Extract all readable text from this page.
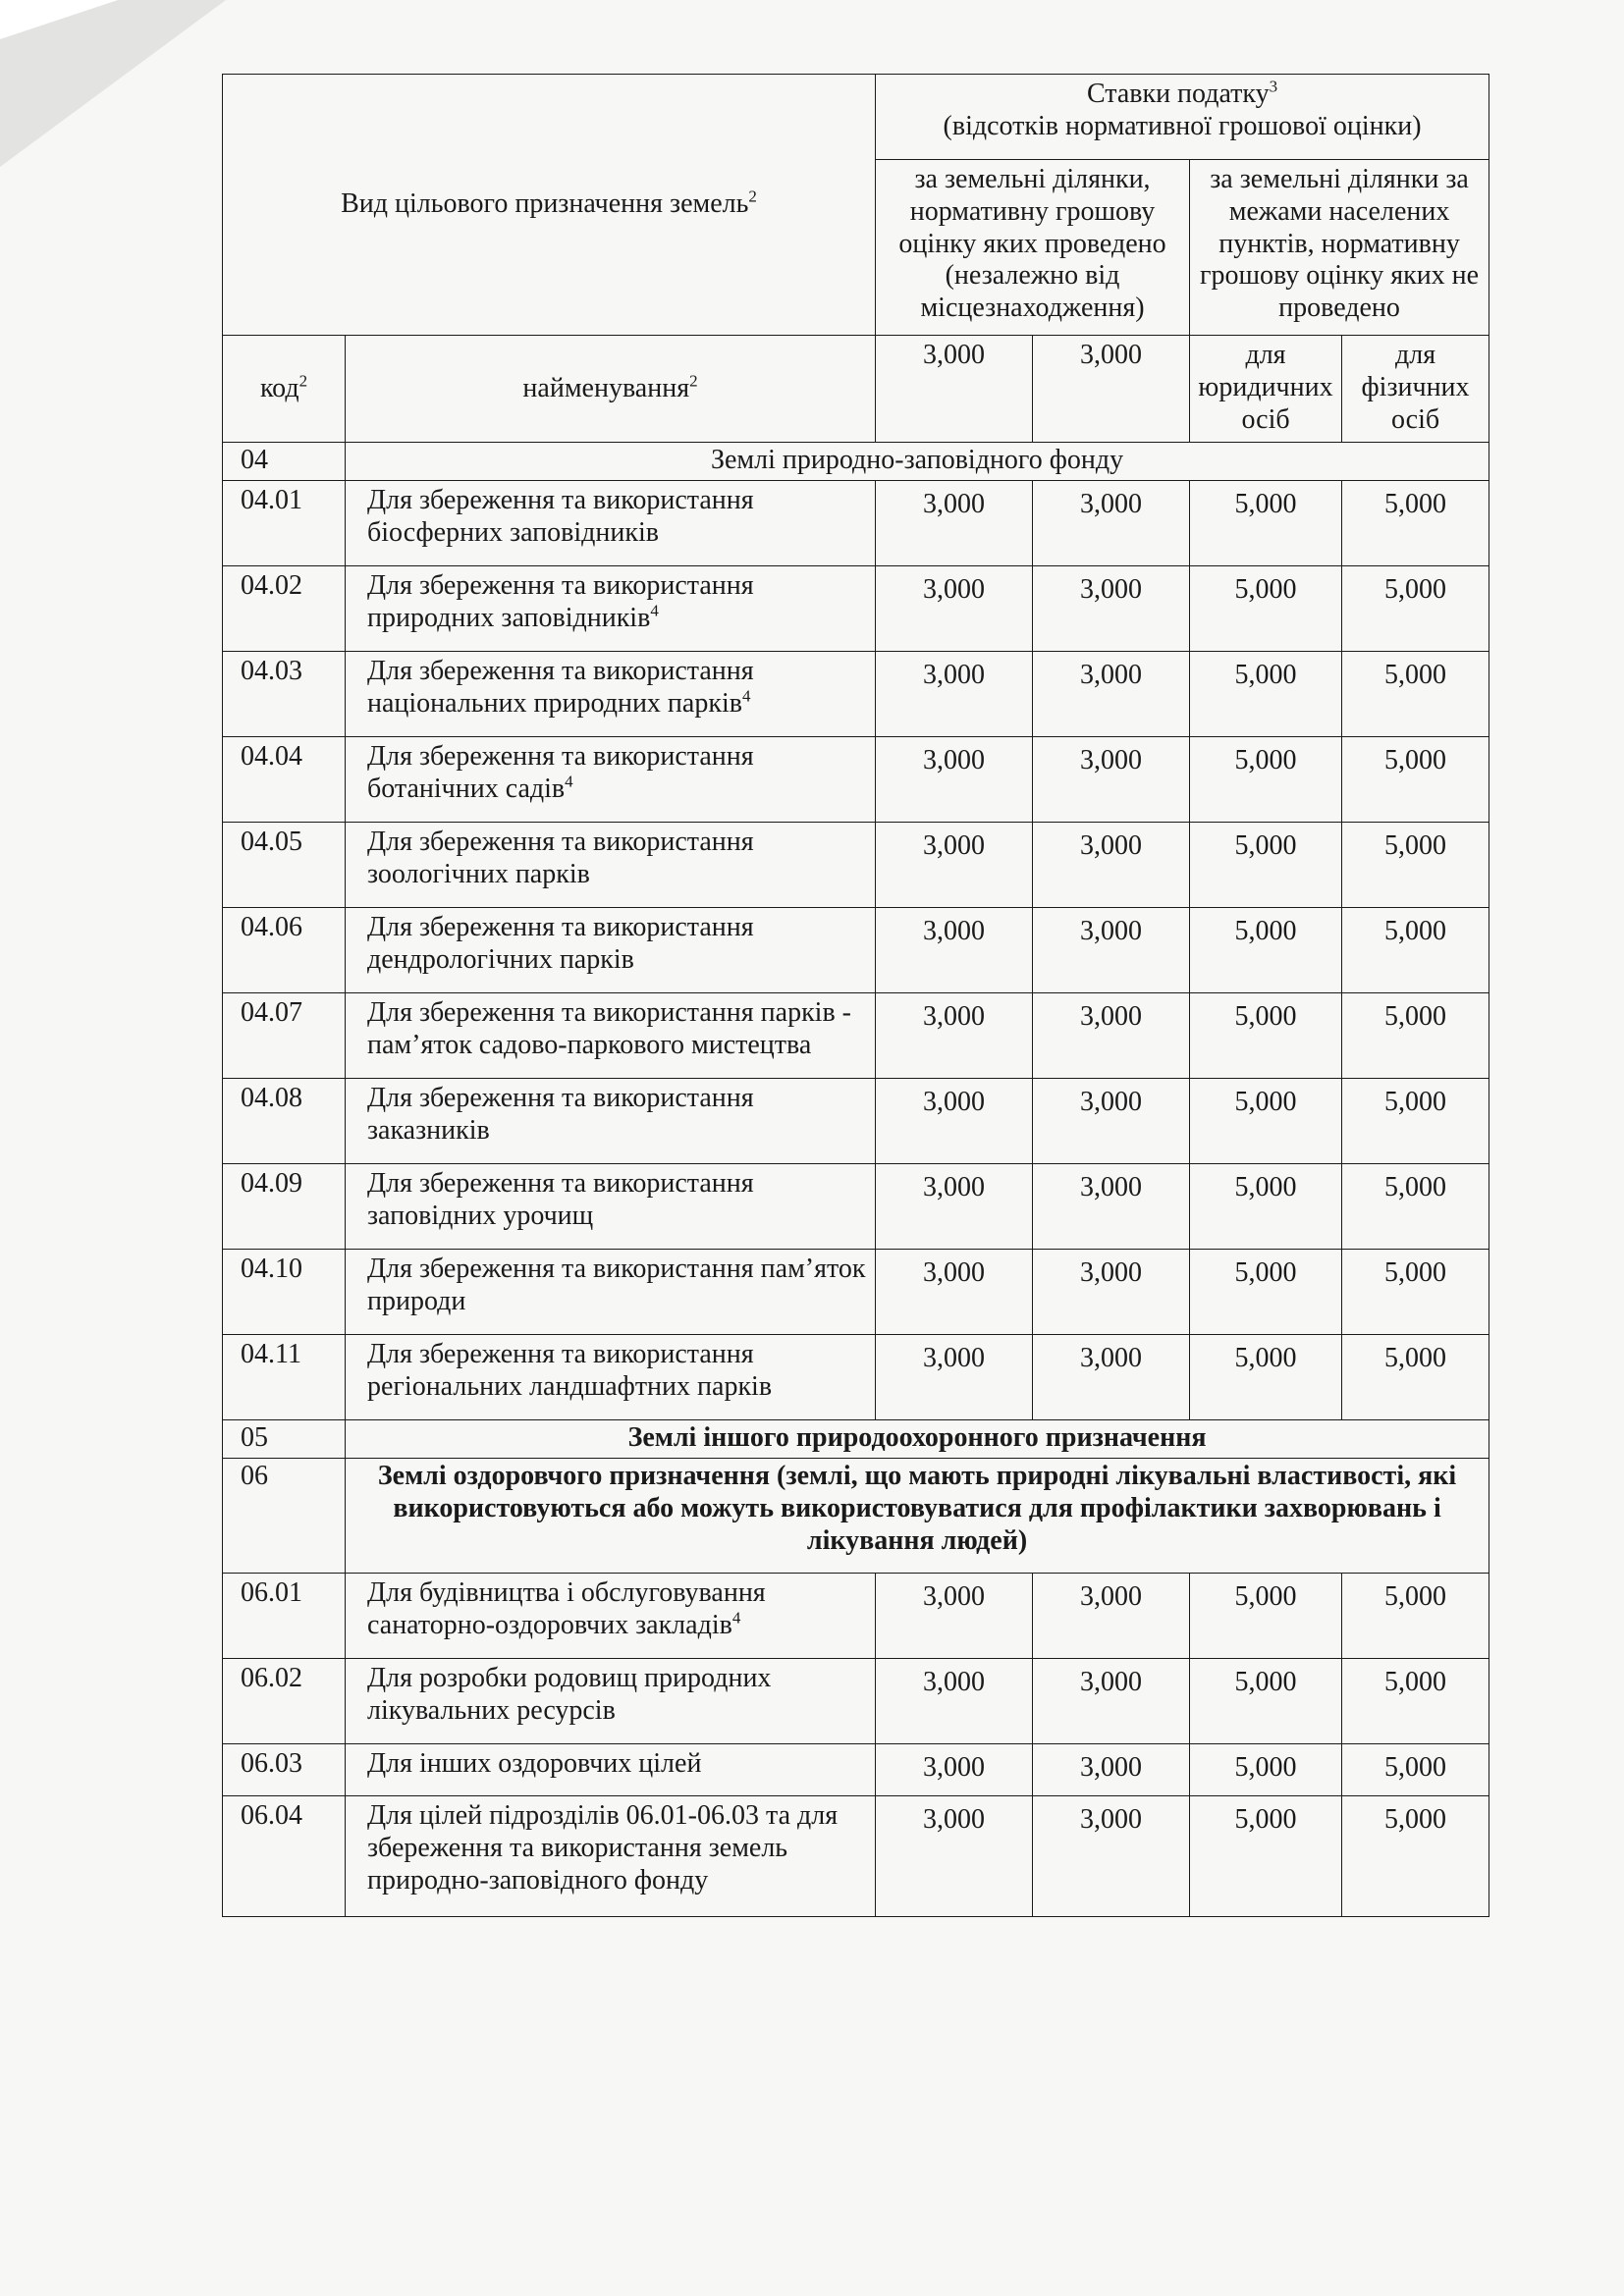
Вид цільового призначення земель$^2$		Ставки податку$^3$
(відсотків нормативної грошової оцінки)			
		за земельні ділянки, нормативну грошову оцінку яких проведено (незалежно від місцезнаходження)		за земельні ділянки за межами населених пунктів, нормативну грошову оцінку яких не проведено	
код$^2$	найменування$^2$	3,000	3,000	для юридичних осіб	для фізичних осіб
04	Землі природно-заповідного фонду				
04.01	Для збереження та використання біосферних заповідників	3,000	3,000	5,000	5,000
04.02	Для збереження та використання природних заповідників$^4$	3,000	3,000	5,000	5,000
04.03	Для збереження та використання національних природних парків$^4$	3,000	3,000	5,000	5,000
04.04	Для збереження та використання ботанічних садів$^4$	3,000	3,000	5,000	5,000
04.05	Для збереження та використання зоологічних парків	3,000	3,000	5,000	5,000
04.06	Для збереження та використання дендрологічних парків	3,000	3,000	5,000	5,000
04.07	Для збереження та використання парків - пам’яток садово-паркового мистецтва	3,000	3,000	5,000	5,000
04.08	Для збереження та використання заказників	3,000	3,000	5,000	5,000
04.09	Для збереження та використання заповідних урочищ	3,000	3,000	5,000	5,000
04.10	Для збереження та використання пам’яток природи	3,000	3,000	5,000	5,000
04.11	Для збереження та використання регіональних ландшафтних парків	3,000	3,000	5,000	5,000
05	Землі іншого природоохоронного призначення				
06	Землі оздоровчого призначення (землі, що мають природні лікувальні властивості, які використовуються або можуть використовуватися для профілактики захворювань і лікування людей)				
06.01	Для будівництва і обслуговування санаторно-оздоровчих закладів$^4$	3,000	3,000	5,000	5,000
06.02	Для розробки родовищ природних лікувальних ресурсів	3,000	3,000	5,000	5,000
06.03	Для інших оздоровчих цілей	3,000	3,000	5,000	5,000
06.04	Для цілей підрозділів 06.01-06.03 та для збереження та використання земель природно-заповідного фонду	3,000	3,000	5,000	5,000
